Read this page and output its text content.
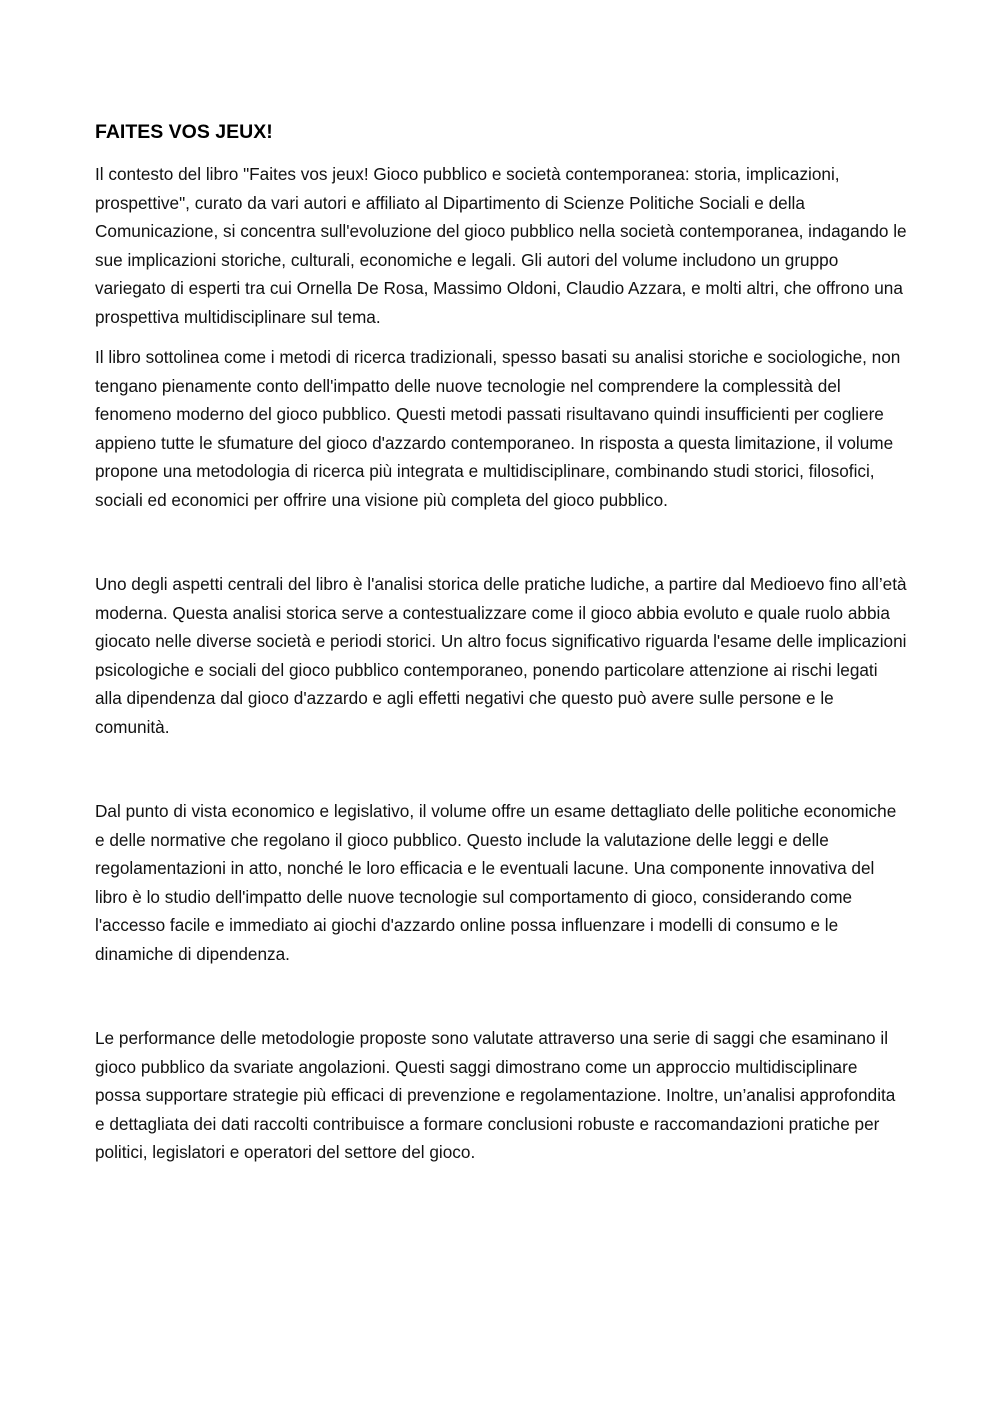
FAITES VOS JEUX!

Il contesto del libro "Faites vos jeux! Gioco pubblico e società contemporanea: storia, implicazioni, prospettive", curato da vari autori e affiliato al Dipartimento di Scienze Politiche Sociali e della Comunicazione, si concentra sull'evoluzione del gioco pubblico nella società contemporanea, indagando le sue implicazioni storiche, culturali, economiche e legali. Gli autori del volume includono un gruppo variegato di esperti tra cui Ornella De Rosa, Massimo Oldoni, Claudio Azzara, e molti altri, che offrono una prospettiva multidisciplinare sul tema.

Il libro sottolinea come i metodi di ricerca tradizionali, spesso basati su analisi storiche e sociologiche, non tengano pienamente conto dell'impatto delle nuove tecnologie nel comprendere la complessità del fenomeno moderno del gioco pubblico. Questi metodi passati risultavano quindi insufficienti per cogliere appieno tutte le sfumature del gioco d'azzardo contemporaneo. In risposta a questa limitazione, il volume propone una metodologia di ricerca più integrata e multidisciplinare, combinando studi storici, filosofici, sociali ed economici per offrire una visione più completa del gioco pubblico.

Uno degli aspetti centrali del libro è l'analisi storica delle pratiche ludiche, a partire dal Medioevo fino all’età moderna. Questa analisi storica serve a contestualizzare come il gioco abbia evoluto e quale ruolo abbia giocato nelle diverse società e periodi storici. Un altro focus significativo riguarda l'esame delle implicazioni psicologiche e sociali del gioco pubblico contemporaneo, ponendo particolare attenzione ai rischi legati alla dipendenza dal gioco d'azzardo e agli effetti negativi che questo può avere sulle persone e le comunità.

Dal punto di vista economico e legislativo, il volume offre un esame dettagliato delle politiche economiche e delle normative che regolano il gioco pubblico. Questo include la valutazione delle leggi e delle regolamentazioni in atto, nonché le loro efficacia e le eventuali lacune. Una componente innovativa del libro è lo studio dell'impatto delle nuove tecnologie sul comportamento di gioco, considerando come l'accesso facile e immediato ai giochi d'azzardo online possa influenzare i modelli di consumo e le dinamiche di dipendenza.

Le performance delle metodologie proposte sono valutate attraverso una serie di saggi che esaminano il gioco pubblico da svariate angolazioni. Questi saggi dimostrano come un approccio multidisciplinare possa supportare strategie più efficaci di prevenzione e regolamentazione. Inoltre, un’analisi approfondita e dettagliata dei dati raccolti contribuisce a formare conclusioni robuste e raccomandazioni pratiche per politici, legislatori e operatori del settore del gioco.
